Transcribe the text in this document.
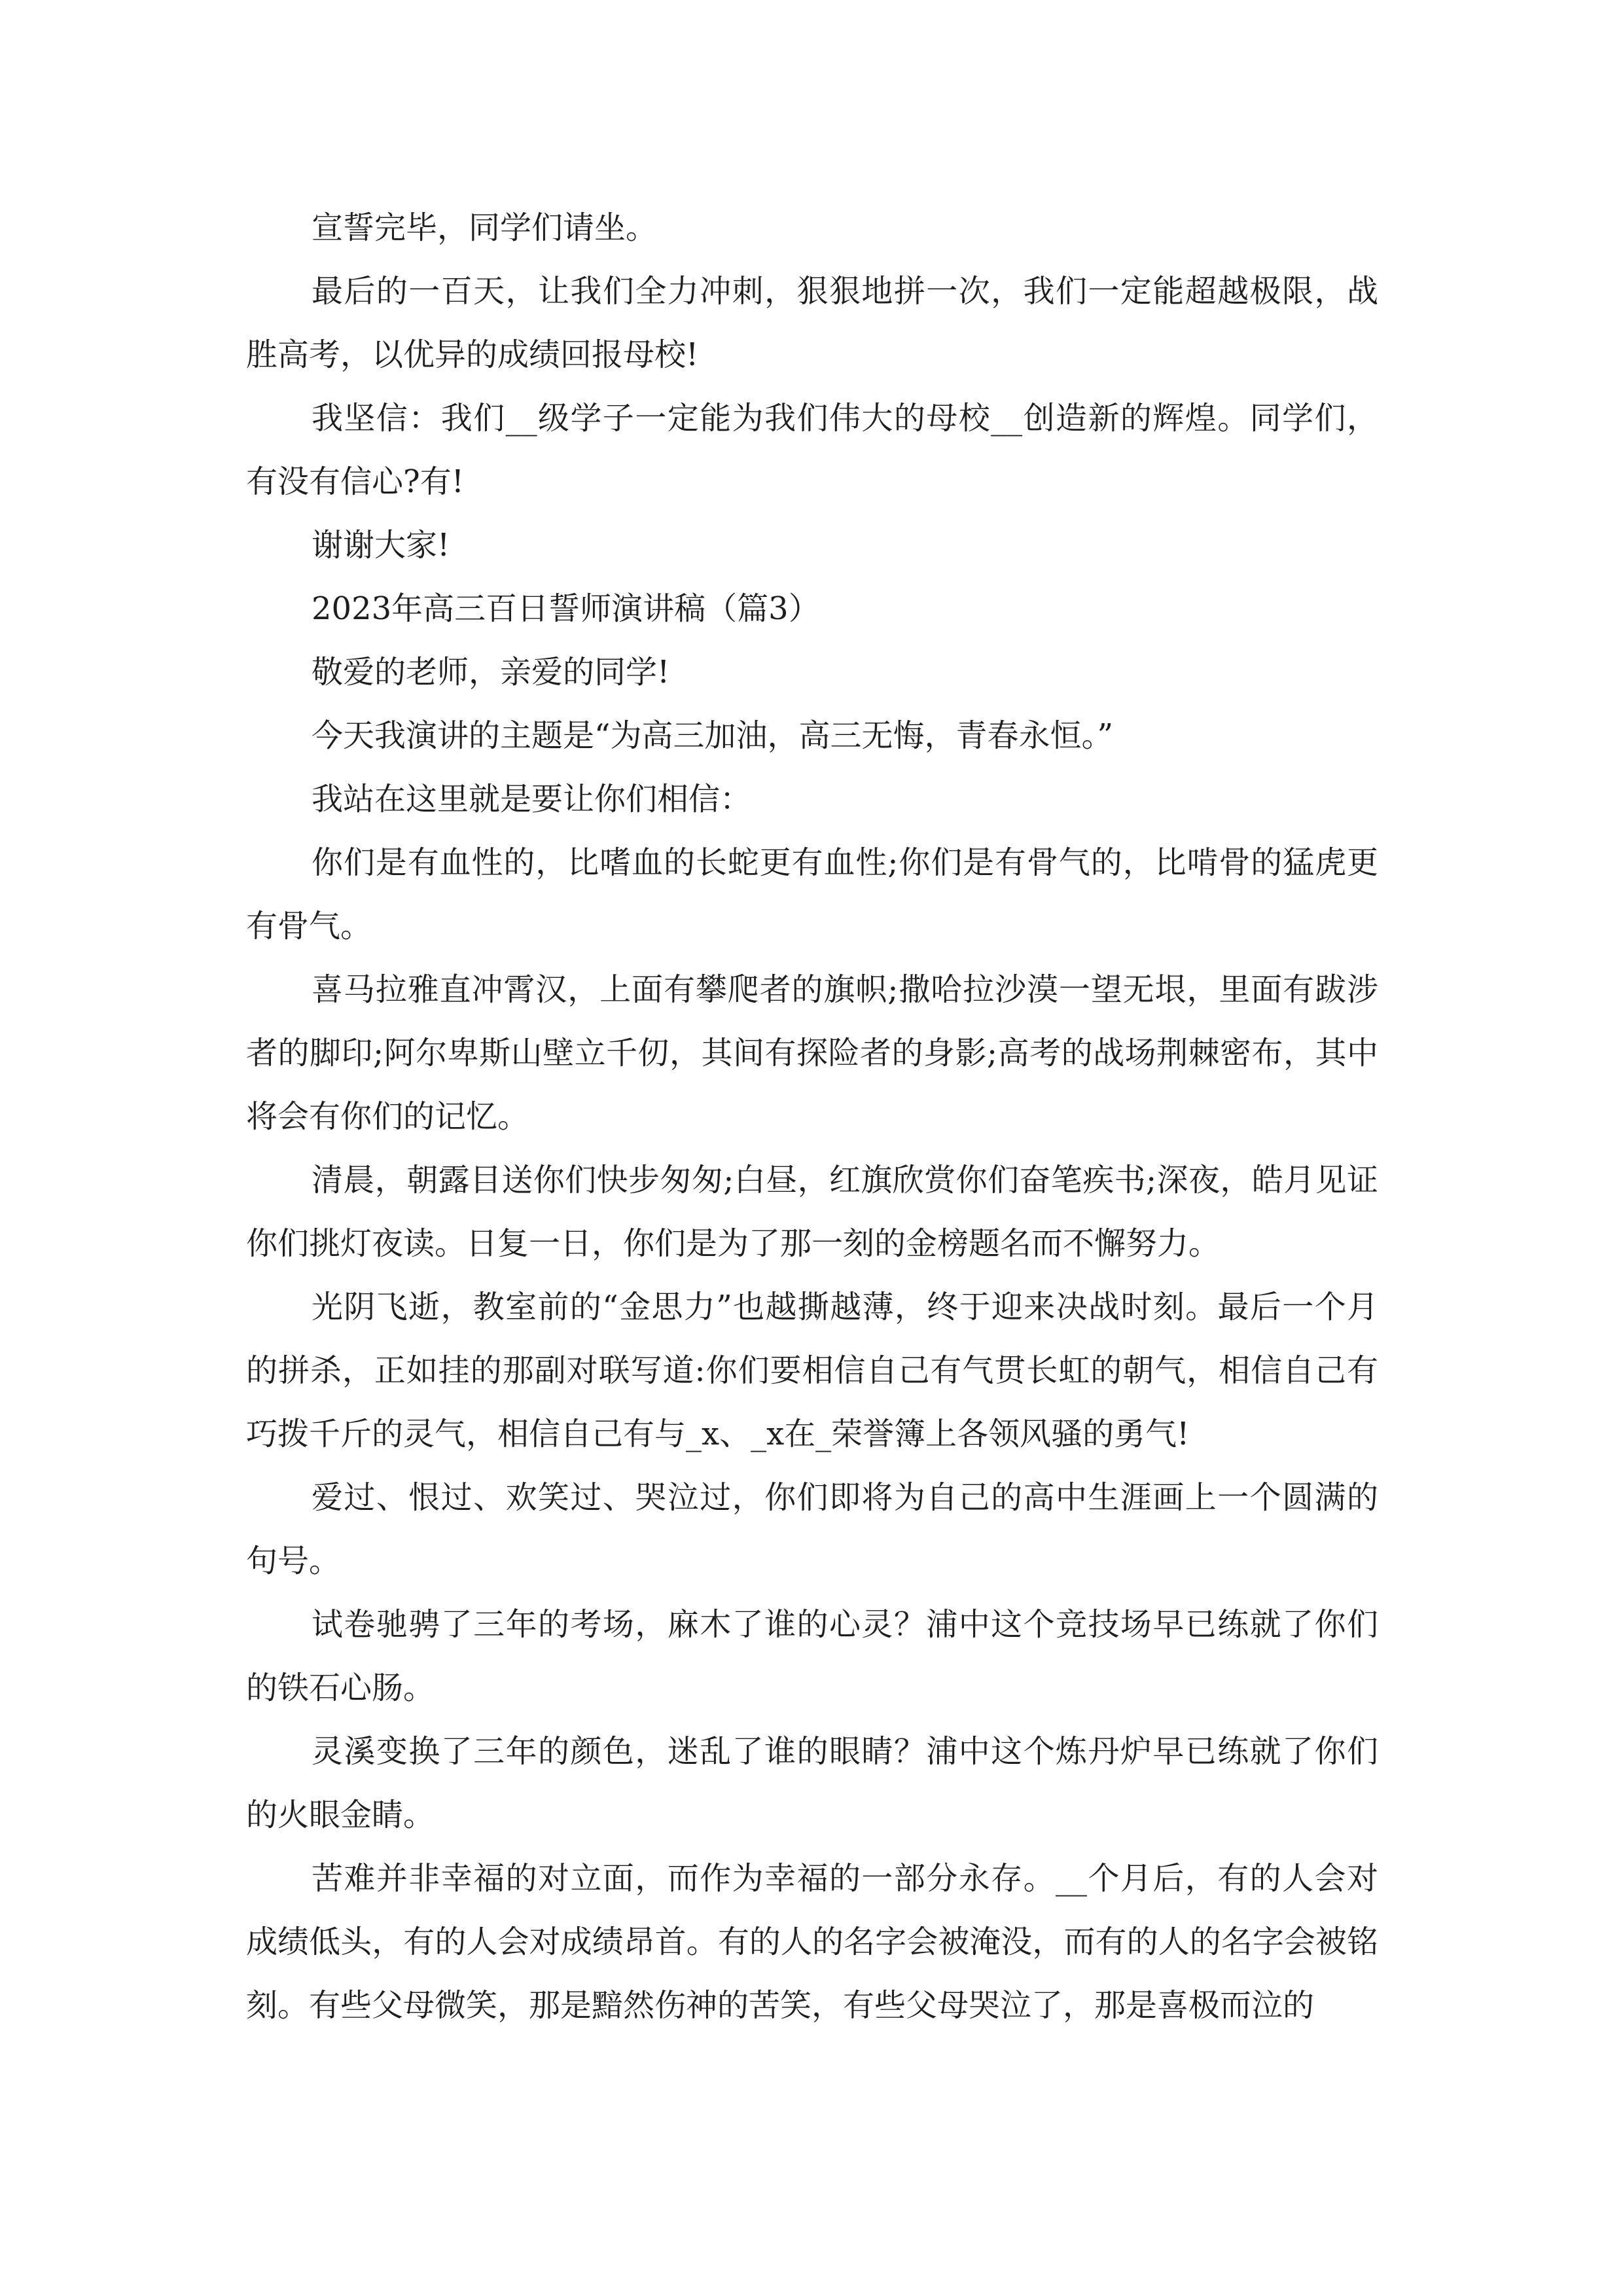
宣誓完毕，同学们请坐。

最后的一百天，让我们全力冲刺，狠狠地拼一次，我们一定能超越极限，战胜高考，以优异的成绩回报母校!

我坚信：我们__级学子一定能为我们伟大的母校__创造新的辉煌。同学们，有没有信心?有!

谢谢大家!

2023年高三百日誓师演讲稿（篇3）

敬爱的老师，亲爱的同学!

今天我演讲的主题是“为高三加油，高三无悔，青春永恒。”

我站在这里就是要让你们相信：

你们是有血性的，比嗜血的长蛇更有血性;你们是有骨气的，比啃骨的猛虎更有骨气。

喜马拉雅直冲霄汉，上面有攀爬者的旗帜;撒哈拉沙漠一望无垠，里面有跋涉者的脚印;阿尔卑斯山壁立千仞，其间有探险者的身影;高考的战场荆棘密布，其中将会有你们的记忆。

清晨，朝露目送你们快步匆匆;白昼，红旗欣赏你们奋笔疾书;深夜，皓月见证你们挑灯夜读。日复一日，你们是为了那一刻的金榜题名而不懈努力。

光阴飞逝，教室前的“金思力”也越撕越薄，终于迎来决战时刻。最后一个月的拼杀，正如挂的那副对联写道:你们要相信自己有气贯长虹的朝气，相信自己有巧拨千斤的灵气，相信自己有与_x、_x在_荣誉簿上各领风骚的勇气!

爱过、恨过、欢笑过、哭泣过，你们即将为自己的高中生涯画上一个圆满的句号。

试卷驰骋了三年的考场，麻木了谁的心灵？浦中这个竞技场早已练就了你们的铁石心肠。

灵溪变换了三年的颜色，迷乱了谁的眼睛？浦中这个炼丹炉早已练就了你们的火眼金睛。

苦难并非幸福的对立面，而作为幸福的一部分永存。__个月后，有的人会对成绩低头，有的人会对成绩昂首。有的人的名字会被淹没，而有的人的名字会被铭刻。有些父母微笑，那是黯然伤神的苦笑，有些父母哭泣了，那是喜极而泣的
